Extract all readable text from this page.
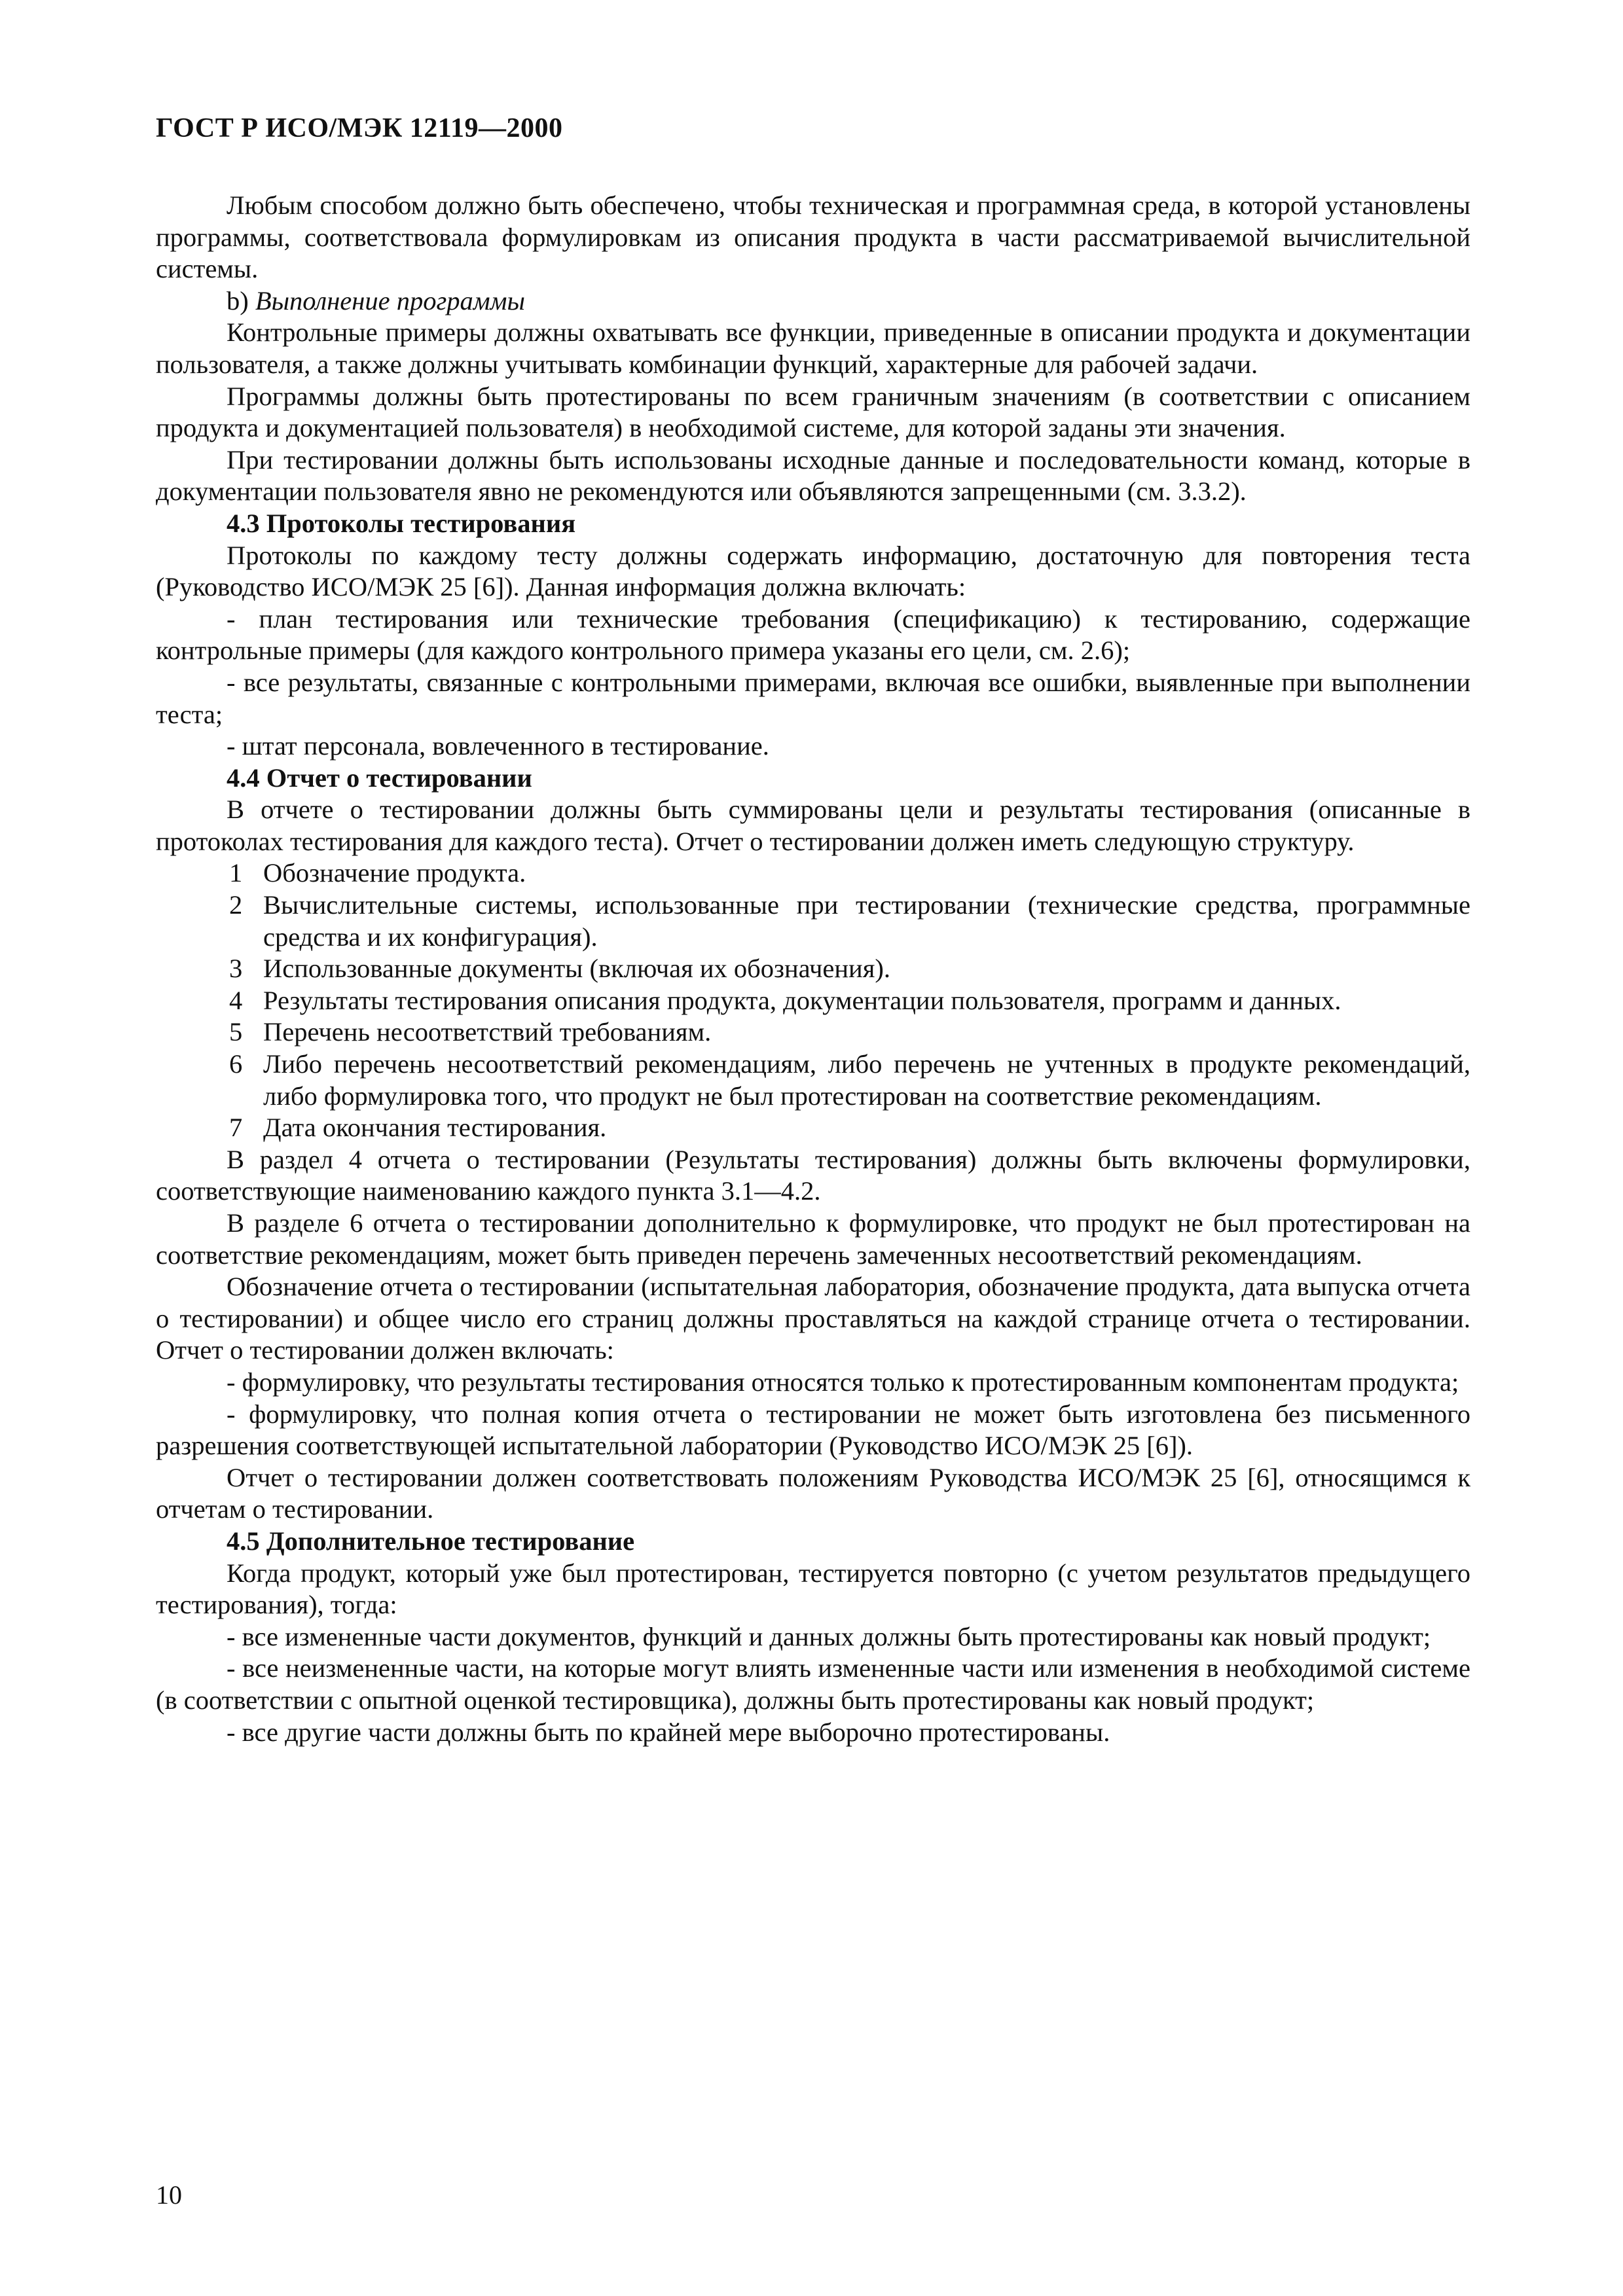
ГОСТ Р ИСО/МЭК 12119—2000

Любым способом должно быть обеспечено, чтобы техническая и программная среда, в которой установлены программы, соответствовала формулировкам из описания продукта в части рассматриваемой вычислительной системы.

b) Выполнение программы

Контрольные примеры должны охватывать все функции, приведенные в описании продукта и документации пользователя, а также должны учитывать комбинации функций, характерные для рабочей задачи.

Программы должны быть протестированы по всем граничным значениям (в соответствии с описанием продукта и документацией пользователя) в необходимой системе, для которой заданы эти значения.

При тестировании должны быть использованы исходные данные и последовательности команд, которые в документации пользователя явно не рекомендуются или объявляются запрещенными (см. 3.3.2).

4.3 Протоколы тестирования

Протоколы по каждому тесту должны содержать информацию, достаточную для повторения теста (Руководство ИСО/МЭК 25 [6]). Данная информация должна включать:

- план тестирования или технические требования (спецификацию) к тестированию, содержащие контрольные примеры (для каждого контрольного примера указаны его цели, см. 2.6);

- все результаты, связанные с контрольными примерами, включая все ошибки, выявленные при выполнении теста;

- штат персонала, вовлеченного в тестирование.

4.4 Отчет о тестировании

В отчете о тестировании должны быть суммированы цели и результаты тестирования (описанные в протоколах тестирования для каждого теста). Отчет о тестировании должен иметь следующую структуру.

1 Обозначение продукта.
2 Вычислительные системы, использованные при тестировании (технические средства, программные средства и их конфигурация).
3 Использованные документы (включая их обозначения).
4 Результаты тестирования описания продукта, документации пользователя, программ и данных.
5 Перечень несоответствий требованиям.
6 Либо перечень несоответствий рекомендациям, либо перечень не учтенных в продукте рекомендаций, либо формулировка того, что продукт не был протестирован на соответствие рекомендациям.
7 Дата окончания тестирования.

В раздел 4 отчета о тестировании (Результаты тестирования) должны быть включены формулировки, соответствующие наименованию каждого пункта 3.1—4.2.

В разделе 6 отчета о тестировании дополнительно к формулировке, что продукт не был протестирован на соответствие рекомендациям, может быть приведен перечень замеченных несоответствий рекомендациям.

Обозначение отчета о тестировании (испытательная лаборатория, обозначение продукта, дата выпуска отчета о тестировании) и общее число его страниц должны проставляться на каждой странице отчета о тестировании. Отчет о тестировании должен включать:

- формулировку, что результаты тестирования относятся только к протестированным компонентам продукта;

- формулировку, что полная копия отчета о тестировании не может быть изготовлена без письменного разрешения соответствующей испытательной лаборатории (Руководство ИСО/МЭК 25 [6]).

Отчет о тестировании должен соответствовать положениям Руководства ИСО/МЭК 25 [6], относящимся к отчетам о тестировании.

4.5 Дополнительное тестирование

Когда продукт, который уже был протестирован, тестируется повторно (с учетом результатов предыдущего тестирования), тогда:

- все измененные части документов, функций и данных должны быть протестированы как новый продукт;

- все неизмененные части, на которые могут влиять измененные части или изменения в необходимой системе (в соответствии с опытной оценкой тестировщика), должны быть протестированы как новый продукт;

- все другие части должны быть по крайней мере выборочно протестированы.

10
